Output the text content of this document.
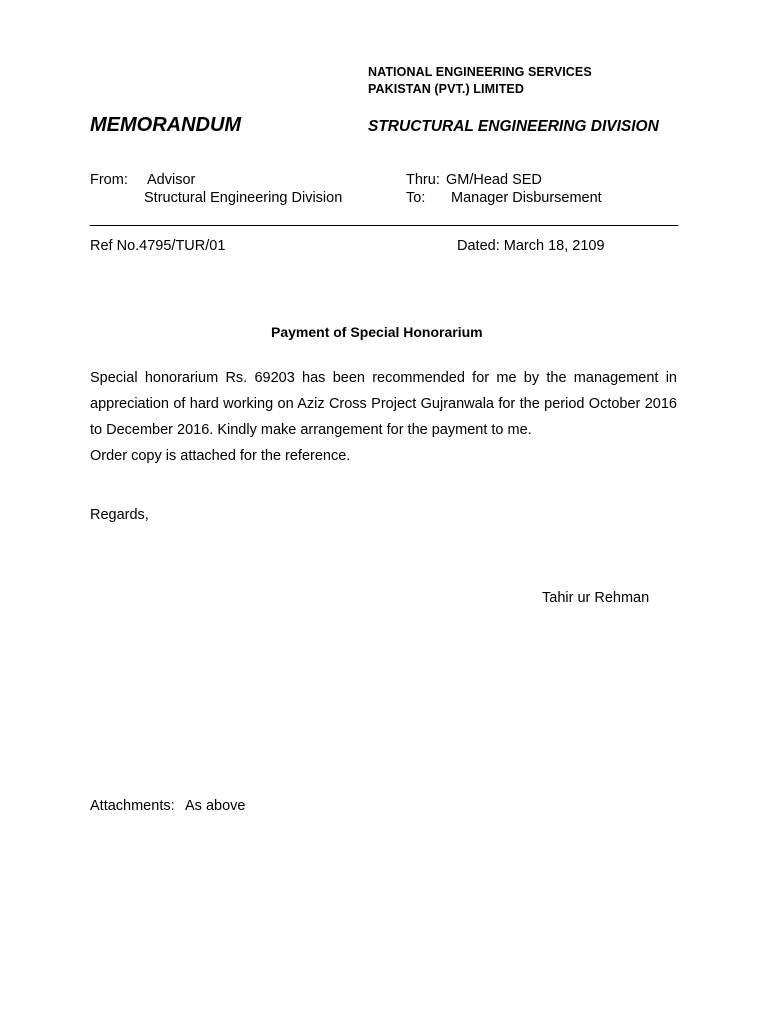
NATIONAL ENGINEERING SERVICES
PAKISTAN (PVT.) LIMITED
MEMORANDUM	STRUCTURAL ENGINEERING DIVISION
From: Advisor
Structural Engineering Division
Thru: GM/Head SED
To: Manager Disbursement
Ref No.4795/TUR/01	Dated: March 18, 2109
Payment of Special Honorarium

Special honorarium Rs. 69203 has been recommended for me by the management in appreciation of hard working on Aziz Cross Project Gujranwala for the period October 2016 to December 2016. Kindly make arrangement for the payment to me.

Order copy is attached for the reference.

Regards,
Tahir ur Rehman
Attachments: As above
